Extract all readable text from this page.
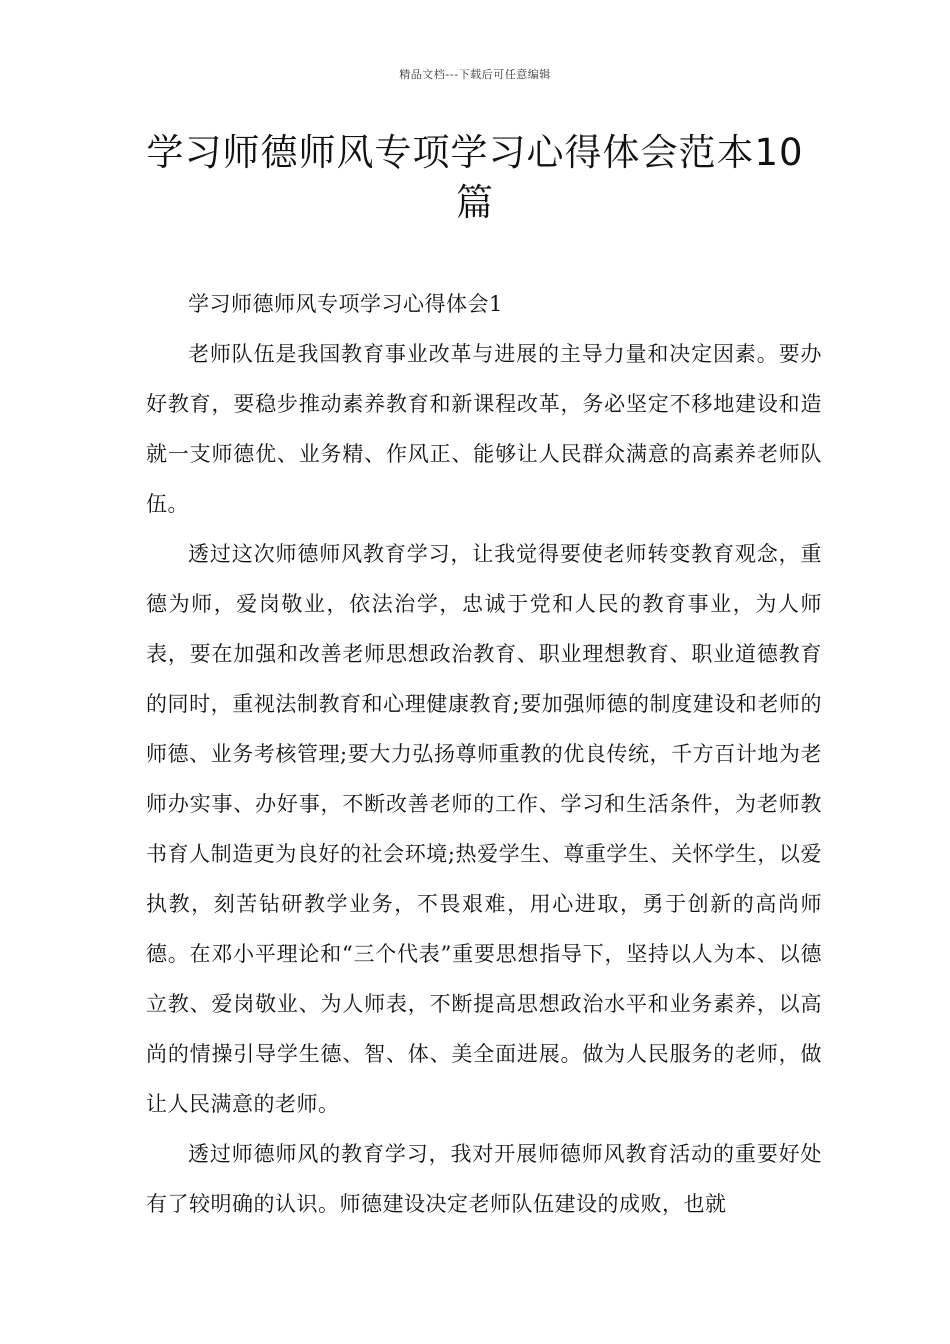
精品文档---下载后可任意编辑
学习师德师风专项学习心得体会范本10篇

学习师德师风专项学习心得体会1

老师队伍是我国教育事业改革与进展的主导力量和决定因素。要办好教育，要稳步推动素养教育和新课程改革，务必坚定不移地建设和造就一支师德优、业务精、作风正、能够让人民群众满意的高素养老师队伍。

透过这次师德师风教育学习，让我觉得要使老师转变教育观念，重德为师，爱岗敬业，依法治学，忠诚于党和人民的教育事业，为人师表，要在加强和改善老师思想政治教育、职业理想教育、职业道德教育的同时，重视法制教育和心理健康教育;要加强师德的制度建设和老师的师德、业务考核管理;要大力弘扬尊师重教的优良传统，千方百计地为老师办实事、办好事，不断改善老师的工作、学习和生活条件，为老师教书育人制造更为良好的社会环境;热爱学生、尊重学生、关怀学生，以爱执教，刻苦钻研教学业务，不畏艰难，用心进取，勇于创新的高尚师德。在邓小平理论和“三个代表”重要思想指导下，坚持以人为本、以德立教、爱岗敬业、为人师表，不断提高思想政治水平和业务素养，以高尚的情操引导学生德、智、体、美全面进展。做为人民服务的老师，做让人民满意的老师。

透过师德师风的教育学习，我对开展师德师风教育活动的重要好处有了较明确的认识。师德建设决定老师队伍建设的成败，也就
